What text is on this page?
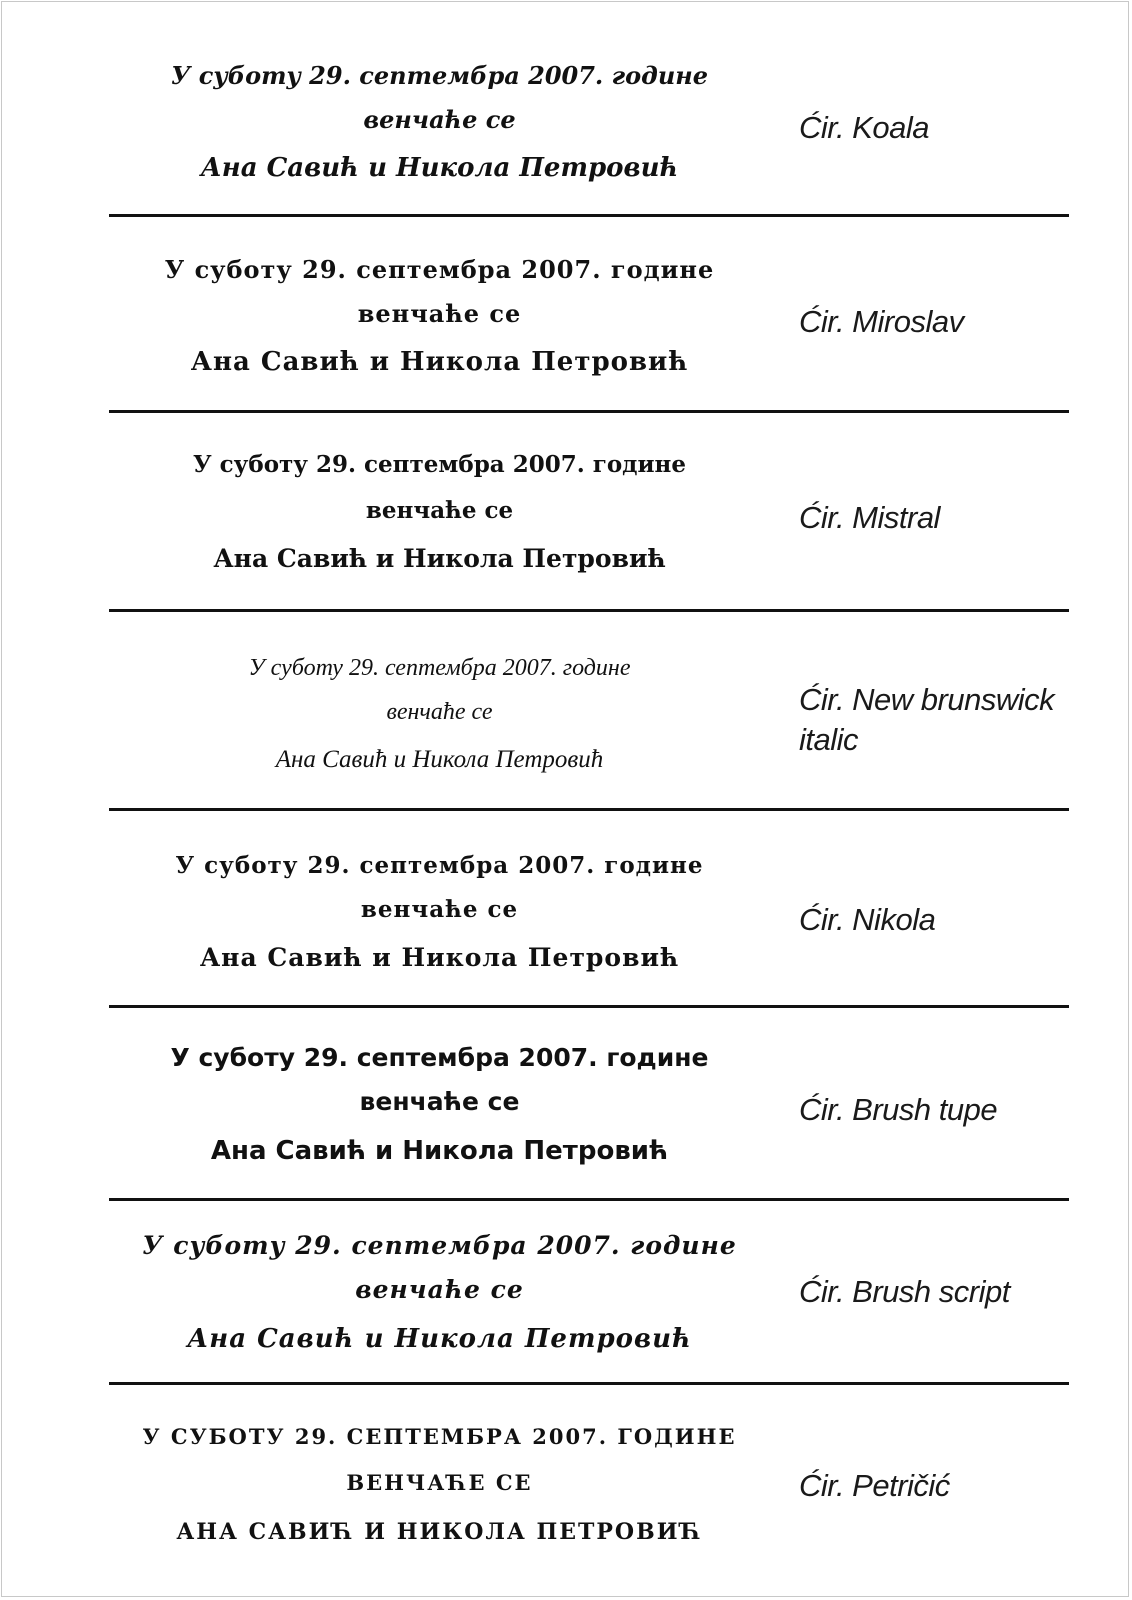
У суботу 29. септембра 2007. године
венчаће се
Ана Савић и Никола Петровић
Ćir. Koala
У суботу 29. септембра 2007. године
венчаће се
Ана Савић и Никола Петровић
Ćir. Miroslav
У суботу 29. септембра 2007. године
венчаће се
Ана Савић и Никола Петровић
Ćir. Mistral
У суботу 29. септембра 2007. године
венчаће се
Ана Савић и Никола Петровић
Ćir. New brunswick
italic
У суботу 29. септембра 2007. године
венчаће се
Ана Савић и Никола Петровић
Ćir. Nikola
У суботу 29. септембра 2007. године
венчаће се
Ана Савић и Никола Петровић
Ćir. Brush tupe
У суботу 29. септембра 2007. године
венчаће се
Ана Савић и Никола Петровић
Ćir. Brush script
У СУБОТУ 29. СЕПТЕМБРА 2007. ГОДИНЕ
ВЕНЧАЋЕ СЕ
АНА САВИЋ И НИКОЛА ПЕТРОВИЋ
Ćir. Petričić
